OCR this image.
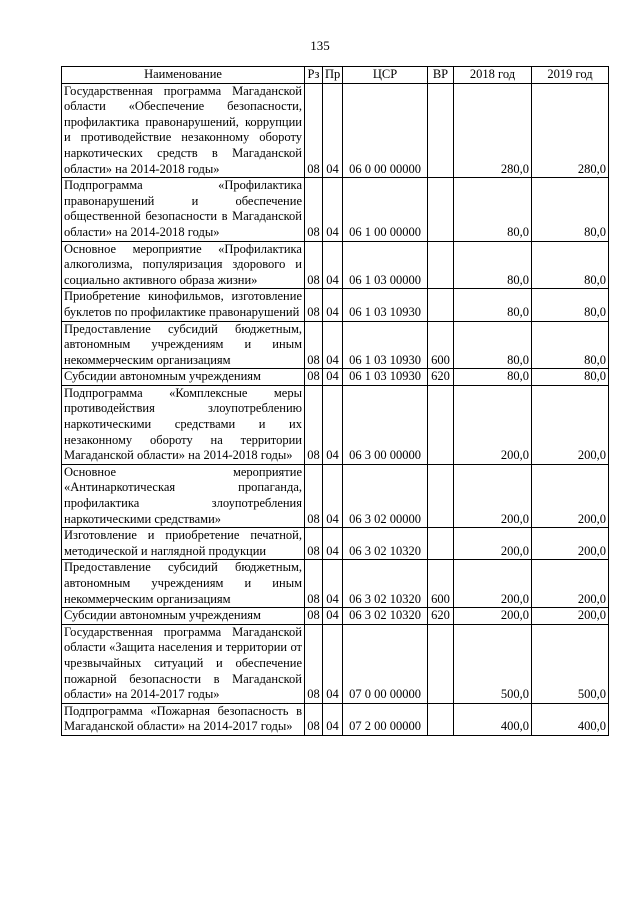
135
Наименование	Рз	Пр	ЦСР	ВР	2018 год	2019 год
Государственная программа Магаданской области «Обеспечение безопасности, профилактика правонарушений, коррупции и противодействие незаконному обороту наркотических средств в Магаданской области» на 2014-2018 годы»	08	04	06 0 00 00000		280,0	280,0
Подпрограмма «Профилактика правонарушений и обеспечение общественной безопасности в Магаданской области» на 2014-2018 годы»	08	04	06 1 00 00000		80,0	80,0
Основное мероприятие «Профилактика алкоголизма, популяризация здорового и социально активного образа жизни»	08	04	06 1 03 00000		80,0	80,0
Приобретение кинофильмов, изготовление буклетов по профилактике правонарушений	08	04	06 1 03 10930		80,0	80,0
Предоставление субсидий бюджетным, автономным учреждениям и иным некоммерческим организациям	08	04	06 1 03 10930	600	80,0	80,0
Субсидии автономным учреждениям	08	04	06 1 03 10930	620	80,0	80,0
Подпрограмма «Комплексные меры противодействия злоупотреблению наркотическими средствами и их незаконному обороту на территории Магаданской области» на 2014-2018 годы»	08	04	06 3 00 00000		200,0	200,0
Основное мероприятие «Антинаркотическая пропаганда, профилактика злоупотребления наркотическими средствами»	08	04	06 3 02 00000		200,0	200,0
Изготовление и приобретение печатной, методической и наглядной продукции	08	04	06 3 02 10320		200,0	200,0
Предоставление субсидий бюджетным, автономным учреждениям и иным некоммерческим организациям	08	04	06 3 02 10320	600	200,0	200,0
Субсидии автономным учреждениям	08	04	06 3 02 10320	620	200,0	200,0
Государственная программа Магаданской области «Защита населения и территории от чрезвычайных ситуаций и обеспечение пожарной безопасности в Магаданской области» на 2014-2017 годы»	08	04	07 0 00 00000		500,0	500,0
Подпрограмма «Пожарная безопасность в Магаданской области» на 2014-2017 годы»	08	04	07 2 00 00000		400,0	400,0
